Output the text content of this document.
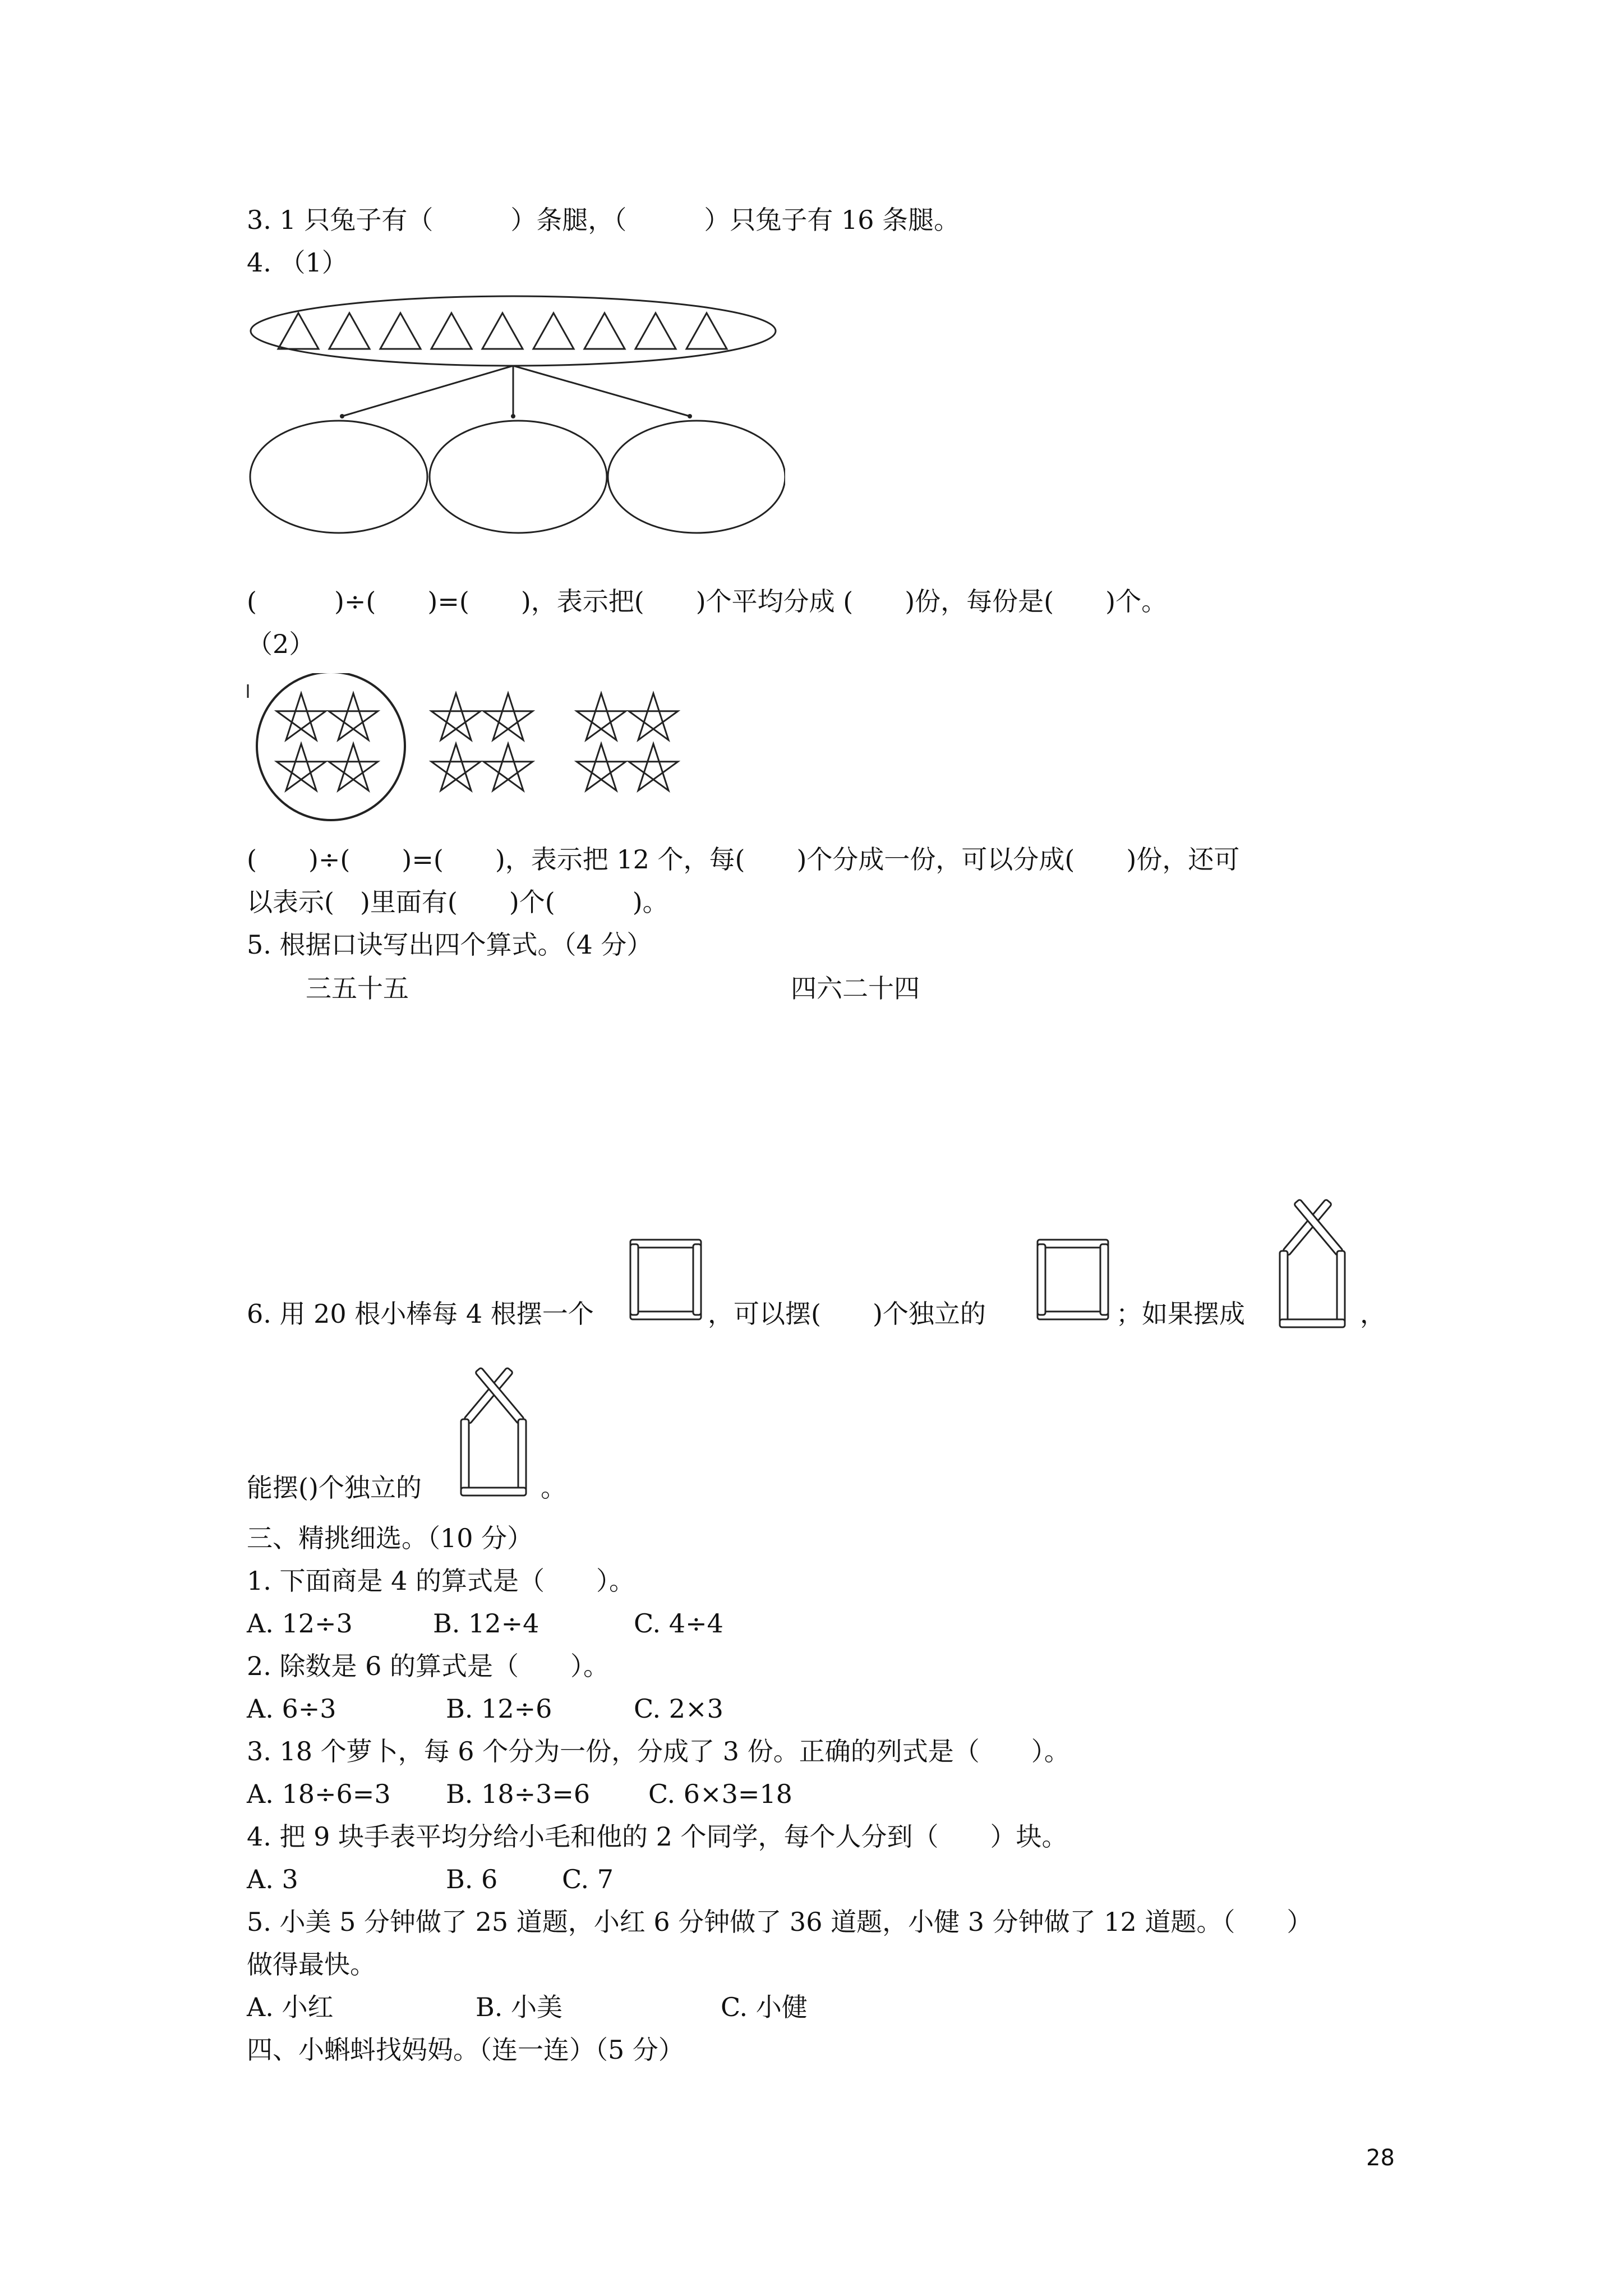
3. 1 只兔子有（　　　）条腿，（　　　）只兔子有 16 条腿。
4. （1）
(　　　)÷(　　)=(　　)，表示把(　　)个平均分成 (　　)份，每份是(　　)个。
（2）
(　　)÷(　　)=(　　)，表示把 12 个，每(　　)个分成一份，可以分成(　　)份，还可
以表示(　)里面有(　　)个(　　　)。
5. 根据口诀写出四个算式。（4 分）
三五十五	四六二十四
6. 用 20 根小棒每 4 根摆一个	，可以摆(　　)个独立的	；如果摆成	，
能摆()个独立的	。
三、精挑细选。（10 分）
1. 下面商是 4 的算式是（　　）。
A. 12÷3	B. 12÷4	C. 4÷4
2. 除数是 6 的算式是（　　）。
A. 6÷3	B. 12÷6	C. 2×3
3. 18 个萝卜，每 6 个分为一份，分成了 3 份。正确的列式是（　　）。
A. 18÷6=3 B. 18÷3=6 C. 6×3=18
4. 把 9 块手表平均分给小毛和他的 2 个同学，每个人分到（　　）块。
A. 3	B. 6 C. 7
5. 小美 5 分钟做了 25 道题，小红 6 分钟做了 36 道题，小健 3 分钟做了 12 道题。（　　）
做得最快。
A. 小红	B. 小美	C. 小健
四、小蝌蚪找妈妈。（连一连）（5 分）
28
